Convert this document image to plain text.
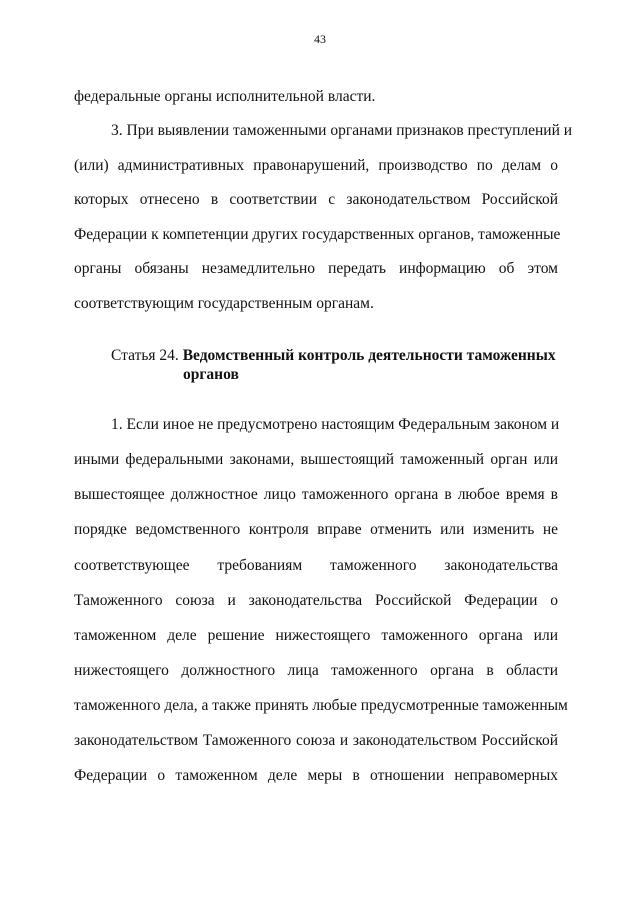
43
федеральные органы исполнительной власти.
3. При выявлении таможенными органами признаков преступлений и
(или) административных правонарушений, производство по делам о
которых отнесено в соответствии с законодательством Российской
Федерации к компетенции других государственных органов, таможенные
органы обязаны незамедлительно передать информацию об этом
соответствующим государственным органам.
Статья 24. Ведомственный контроль деятельности таможенных
органов
1. Если иное не предусмотрено настоящим Федеральным законом и
иными федеральными законами, вышестоящий таможенный орган или
вышестоящее должностное лицо таможенного органа в любое время в
порядке ведомственного контроля вправе отменить или изменить не
соответствующее требованиям таможенного законодательства
Таможенного союза и законодательства Российской Федерации о
таможенном деле решение нижестоящего таможенного органа или
нижестоящего должностного лица таможенного органа в области
таможенного дела, а также принять любые предусмотренные таможенным
законодательством Таможенного союза и законодательством Российской
Федерации о таможенном деле меры в отношении неправомерных
